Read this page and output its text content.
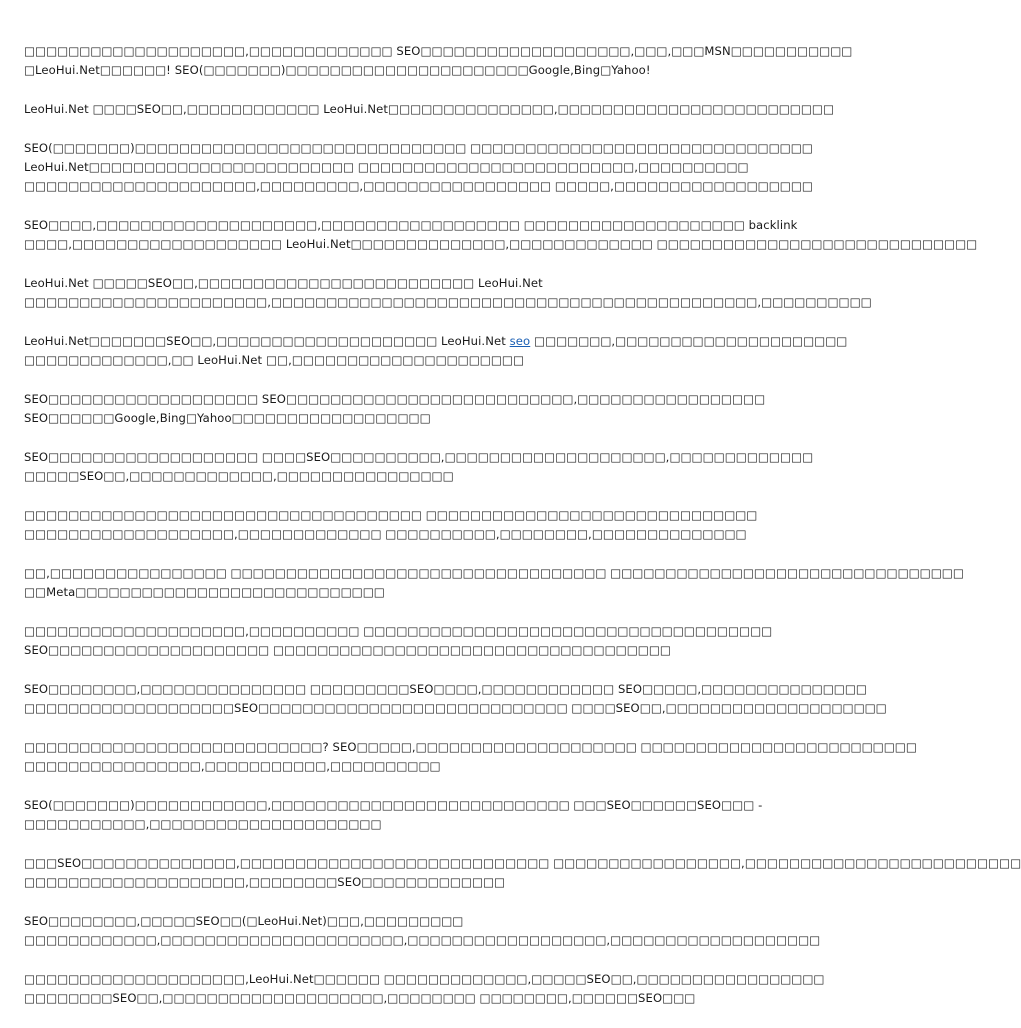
□□□□□□□□□□□□□□□□□□□□,□□□□□□□□□□□□□ SEO□□□□□□□□□□□□□□□□□□□,□□□,□□□MSN□□□□□□□□□□□
□LeoHui.Net□□□□□□! SEO(□□□□□□□)□□□□□□□□□□□□□□□□□□□□□□Google,Bing□Yahoo!

LeoHui.Net □□□□SEO□□,□□□□□□□□□□□□ LeoHui.Net□□□□□□□□□□□□□□□,□□□□□□□□□□□□□□□□□□□□□□□□□

SEO(□□□□□□□)□□□□□□□□□□□□□□□□□□□□□□□□□□□□□□ □□□□□□□□□□□□□□□□□□□□□□□□□□□□□□□
LeoHui.Net□□□□□□□□□□□□□□□□□□□□□□□□ □□□□□□□□□□□□□□□□□□□□□□□□□,□□□□□□□□□□
□□□□□□□□□□□□□□□□□□□□□,□□□□□□□□□,□□□□□□□□□□□□□□□□□ □□□□□,□□□□□□□□□□□□□□□□□□

SEO□□□□,□□□□□□□□□□□□□□□□□□□□,□□□□□□□□□□□□□□□□□□ □□□□□□□□□□□□□□□□□□□□ backlink
□□□□,□□□□□□□□□□□□□□□□□□□ LeoHui.Net□□□□□□□□□□□□□□,□□□□□□□□□□□□□ □□□□□□□□□□□□□□□□□□□□□□□□□□□□□

LeoHui.Net □□□□□SEO□□,□□□□□□□□□□□□□□□□□□□□□□□□□ LeoHui.Net
□□□□□□□□□□□□□□□□□□□□□□,□□□□□□□□□□□□□□□□□□□□□□□□□□□□□□□□□□□□□□□□□□□□,□□□□□□□□□□

LeoHui.Net□□□□□□□SEO□□,□□□□□□□□□□□□□□□□□□□□ LeoHui.Net seo □□□□□□□,□□□□□□□□□□□□□□□□□□□□□
□□□□□□□□□□□□□,□□ LeoHui.Net □□,□□□□□□□□□□□□□□□□□□□□□

SEO□□□□□□□□□□□□□□□□□□□ SEO□□□□□□□□□□□□□□□□□□□□□□□□□□,□□□□□□□□□□□□□□□□□
SEO□□□□□□Google,Bing□Yahoo□□□□□□□□□□□□□□□□□□

SEO□□□□□□□□□□□□□□□□□□□ □□□□SEO□□□□□□□□□□,□□□□□□□□□□□□□□□□□□□□,□□□□□□□□□□□□□
□□□□□SEO□□,□□□□□□□□□□□□□,□□□□□□□□□□□□□□□□

□□□□□□□□□□□□□□□□□□□□□□□□□□□□□□□□□□□□ □□□□□□□□□□□□□□□□□□□□□□□□□□□□□□
□□□□□□□□□□□□□□□□□□□,□□□□□□□□□□□□□ □□□□□□□□□□,□□□□□□□□,□□□□□□□□□□□□□□

□□,□□□□□□□□□□□□□□□□ □□□□□□□□□□□□□□□□□□□□□□□□□□□□□□□□□□ □□□□□□□□□□□□□□□□□□□□□□□□□□□□□□□□
□□Meta□□□□□□□□□□□□□□□□□□□□□□□□□□□□

□□□□□□□□□□□□□□□□□□□□,□□□□□□□□□□ □□□□□□□□□□□□□□□□□□□□□□□□□□□□□□□□□□□□□
SEO□□□□□□□□□□□□□□□□□□□□ □□□□□□□□□□□□□□□□□□□□□□□□□□□□□□□□□□□□

SEO□□□□□□□□,□□□□□□□□□□□□□□□ □□□□□□□□□SEO□□□□,□□□□□□□□□□□□ SEO□□□□□,□□□□□□□□□□□□□□□
□□□□□□□□□□□□□□□□□□□SEO□□□□□□□□□□□□□□□□□□□□□□□□□□□□ □□□□SEO□□,□□□□□□□□□□□□□□□□□□□□

□□□□□□□□□□□□□□□□□□□□□□□□□□□? SEO□□□□□,□□□□□□□□□□□□□□□□□□□□ □□□□□□□□□□□□□□□□□□□□□□□□□
□□□□□□□□□□□□□□□□,□□□□□□□□□□□,□□□□□□□□□□

SEO(□□□□□□□)□□□□□□□□□□□□,□□□□□□□□□□□□□□□□□□□□□□□□□□□ □□□SEO□□□□□□SEO□□□ -
□□□□□□□□□□□,□□□□□□□□□□□□□□□□□□□□□

□□□SEO□□□□□□□□□□□□□□,□□□□□□□□□□□□□□□□□□□□□□□□□□□□ □□□□□□□□□□□□□□□□□,□□□□□□□□□□□□□□□□□□□□□□□□□
□□□□□□□□□□□□□□□□□□□□,□□□□□□□□SEO□□□□□□□□□□□□□

SEO□□□□□□□□,□□□□□SEO□□(□LeoHui.Net)□□□,□□□□□□□□□
□□□□□□□□□□□□,□□□□□□□□□□□□□□□□□□□□□□,□□□□□□□□□□□□□□□□□□,□□□□□□□□□□□□□□□□□□□

□□□□□□□□□□□□□□□□□□□□,LeoHui.Net□□□□□□ □□□□□□□□□□□□□,□□□□□SEO□□,□□□□□□□□□□□□□□□□□
□□□□□□□□SEO□□,□□□□□□□□□□□□□□□□□□□□,□□□□□□□□ □□□□□□□□,□□□□□□SEO□□□
